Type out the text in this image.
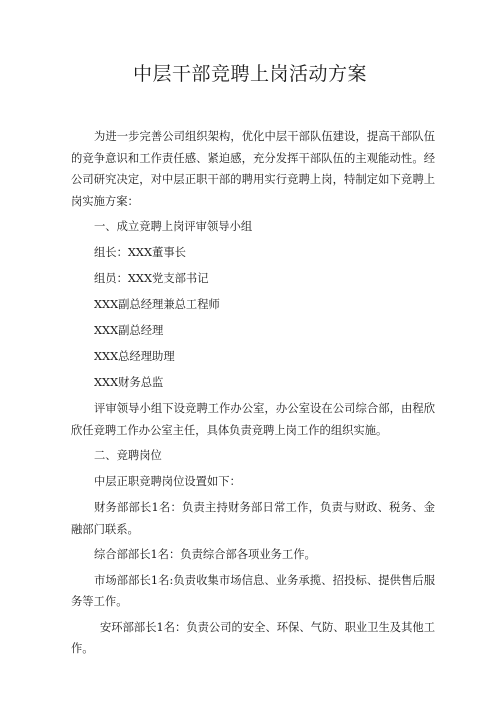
中层干部竞聘上岗活动方案

为进一步完善公司组织架构，优化中层干部队伍建设，提高干部队伍的竞争意识和工作责任感、紧迫感，充分发挥干部队伍的主观能动性。经公司研究决定，对中层正职干部的聘用实行竞聘上岗，特制定如下竞聘上岗实施方案：

一、成立竞聘上岗评审领导小组

组长：XXX董事长

组员：XXX党支部书记

XXX副总经理兼总工程师

XXX副总经理

XXX总经理助理

XXX财务总监

评审领导小组下设竞聘工作办公室，办公室设在公司综合部，由程欣欣任竞聘工作办公室主任，具体负责竞聘上岗工作的组织实施。

二、竞聘岗位

中层正职竞聘岗位设置如下：

财务部部长1名：负责主持财务部日常工作，负责与财政、税务、金融部门联系。

综合部部长1名：负责综合部各项业务工作。

市场部部长1名:负责收集市场信息、业务承揽、招投标、提供售后服务等工作。

安环部部长1名：负责公司的安全、环保、气防、职业卫生及其他工作。
